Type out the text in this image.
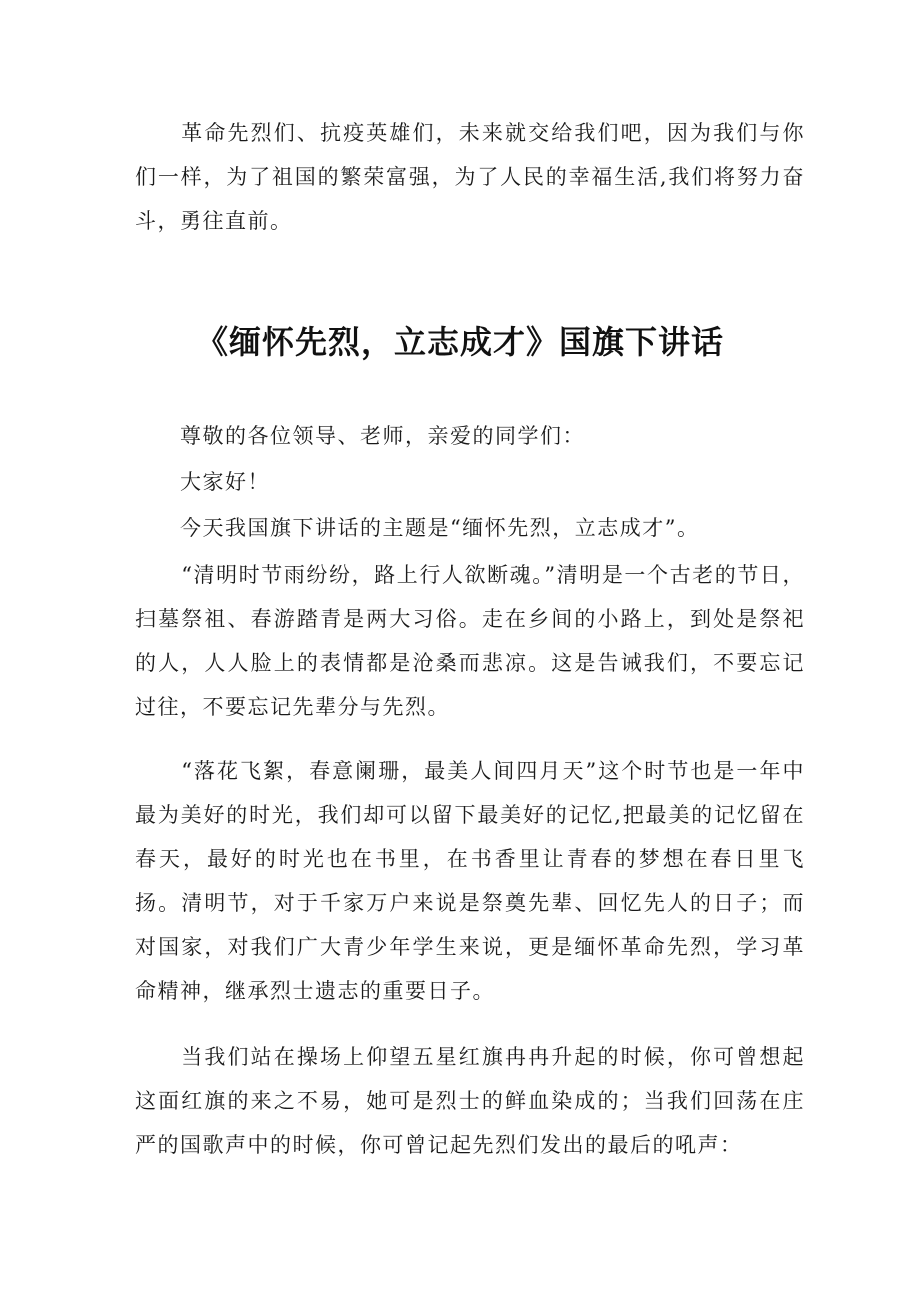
革命先烈们、抗疫英雄们，未来就交给我们吧，因为我们与你们一样，为了祖国的繁荣富强，为了人民的幸福生活,我们将努力奋斗，勇往直前。

《缅怀先烈，立志成才》国旗下讲话

尊敬的各位领导、老师，亲爱的同学们：

大家好！

今天我国旗下讲话的主题是“缅怀先烈，立志成才”。

“清明时节雨纷纷，路上行人欲断魂。”清明是一个古老的节日，扫墓祭祖、春游踏青是两大习俗。走在乡间的小路上，到处是祭祀的人，人人脸上的表情都是沧桑而悲凉。这是告诫我们，不要忘记过往，不要忘记先辈分与先烈。

“落花飞絮，春意阑珊，最美人间四月天”这个时节也是一年中最为美好的时光，我们却可以留下最美好的记忆,把最美的记忆留在春天，最好的时光也在书里，在书香里让青春的梦想在春日里飞扬。清明节，对于千家万户来说是祭奠先辈、回忆先人的日子；而对国家，对我们广大青少年学生来说，更是缅怀革命先烈，学习革命精神，继承烈士遗志的重要日子。

当我们站在操场上仰望五星红旗冉冉升起的时候，你可曾想起这面红旗的来之不易，她可是烈士的鲜血染成的；当我们回荡在庄严的国歌声中的时候，你可曾记起先烈们发出的最后的吼声：
